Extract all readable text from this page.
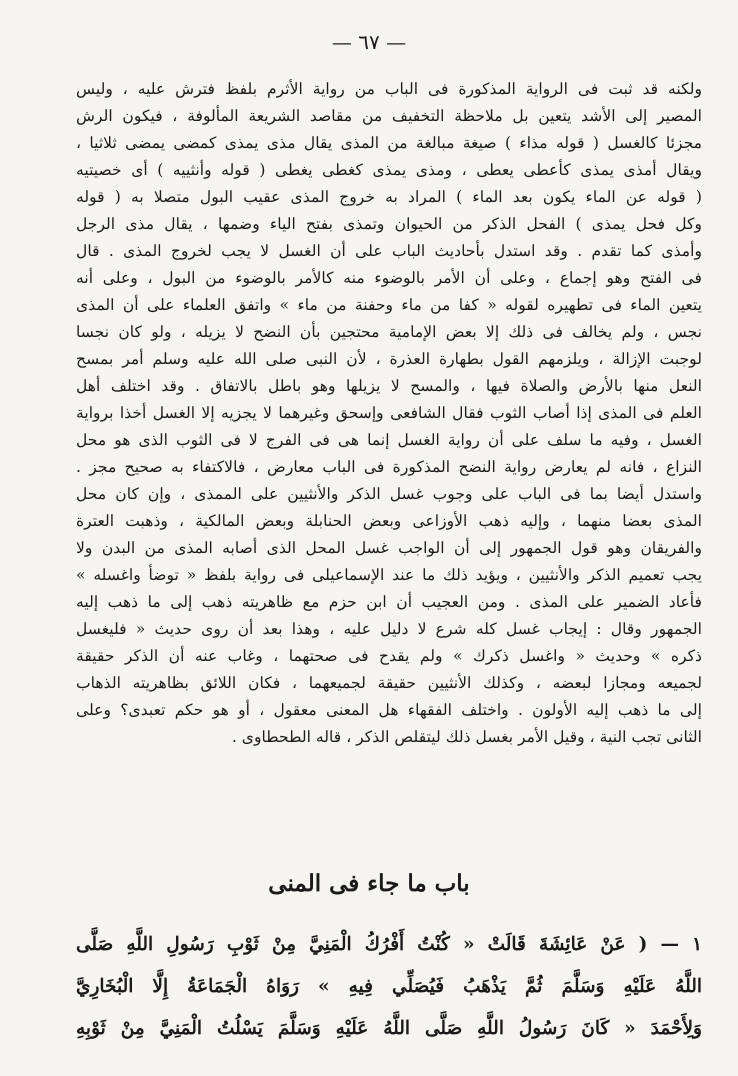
— ٦٧ —
ولكنه قد ثبت فى الرواية المذكورة فى الباب من رواية الأثرم بلفظ فترش عليه ، وليس
المصير إلى الأشد يتعين بل ملاحظة التخفيف من مقاصد الشريعة المألوفة ، فيكون الرش
مجزئا كالغسل ( قوله مذاء ) صيغة مبالغة من المذى يقال مذى يمذى كمضى يمضى ثلاثيا ،
ويقال أمذى يمذى كأعطى يعطى ، ومذى يمذى كغطى يغطى ( قوله وأنثييه ) أى خصيتيه
( قوله عن الماء يكون بعد الماء ) المراد به خروج المذى عقيب البول متصلا به ( قوله
وكل فحل يمذى ) الفحل الذكر من الحيوان وتمذى بفتح الياء وضمها ، يقال مذى الرجل
وأمذى كما تقدم . وقد استدل بأحاديث الباب على أن الغسل لا يجب لخروج المذى . قال
فى الفتح وهو إجماع ، وعلى أن الأمر بالوضوء منه كالأمر بالوضوء من البول ، وعلى أنه
يتعين الماء فى تطهيره لقوله « كفا من ماء وحفنة من ماء » واتفق العلماء على أن المذى
نجس ، ولم يخالف فى ذلك إلا بعض الإمامية محتجين بأن النضح لا يزيله ، ولو كان نجسا
لوجبت الإزالة ، ويلزمهم القول بطهارة العذرة ، لأن النبى صلى الله عليه وسلم أمر بمسح
النعل منها بالأرض والصلاة فيها ، والمسح لا يزيلها وهو باطل بالاتفاق . وقد اختلف أهل
العلم فى المذى إذا أصاب الثوب فقال الشافعى وإسحق وغيرهما لا يجزيه إلا الغسل أخذا برواية
الغسل ، وفيه ما سلف على أن رواية الغسل إنما هى فى الفرج لا فى الثوب الذى هو محل
النزاع ، فانه لم يعارض رواية النضح المذكورة فى الباب معارض ، فالاكتفاء به صحيح مجز .
واستدل أيضا بما فى الباب على وجوب غسل الذكر والأنثيين على الممذى ، وإن كان محل
المذى بعضا منهما ، وإليه ذهب الأوزاعى وبعض الحنابلة وبعض المالكية ، وذهبت العترة
والفريقان وهو قول الجمهور إلى أن الواجب غسل المحل الذى أصابه المذى من البدن ولا
يجب تعميم الذكر والأنثيين ، ويؤيد ذلك ما عند الإسماعيلى فى رواية بلفظ « توضأ واغسله »
فأعاد الضمير على المذى . ومن العجيب أن ابن حزم مع ظاهريته ذهب إلى ما ذهب إليه
الجمهور وقال : إيجاب غسل كله شرع لا دليل عليه ، وهذا بعد أن روى حديث « فليغسل
ذكره » وحديث « واغسل ذكرك » ولم يقدح فى صحتهما ، وغاب عنه أن الذكر حقيقة
لجميعه ومجازا لبعضه ، وكذلك الأنثيين حقيقة لجميعهما ، فكان اللائق بظاهريته الذهاب
إلى ما ذهب إليه الأولون . واختلف الفقهاء هل المعنى معقول ، أو هو حكم تعبدى؟ وعلى
الثانى تجب النية ، وقيل الأمر بغسل ذلك ليتقلص الذكر ، قاله الطحطاوى .
باب ما جاء فى المنى
١ — ( عَنْ عَائِشَةَ قَالَتْ « كُنْتُ أَفْرُكُ الْمَنِيَّ مِنْ ثَوْبِ رَسُولِ اللَّهِ صَلَّى
اللَّهُ عَلَيْهِ وَسَلَّمَ ثُمَّ يَذْهَبُ فَيُصَلِّي فِيهِ » رَوَاهُ الْجَمَاعَةُ إِلَّا الْبُخَارِيَّ
وَلِأَحْمَدَ « كَانَ رَسُولُ اللَّهِ صَلَّى اللَّهُ عَلَيْهِ وَسَلَّمَ يَسْلُتُ الْمَنِيَّ مِنْ ثَوْبِهِ
